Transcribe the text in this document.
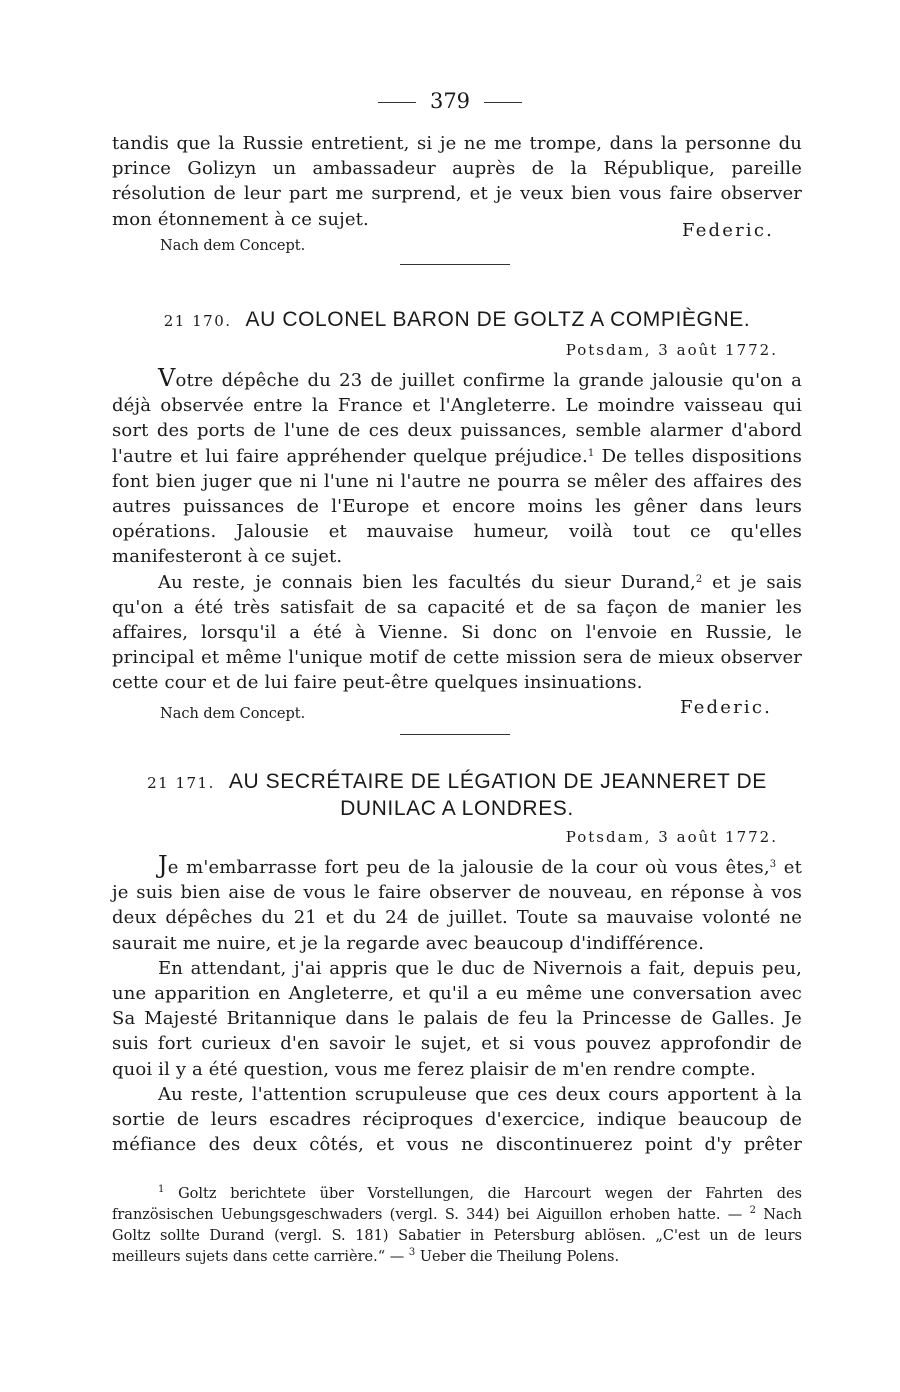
379

tandis que la Russie entretient, si je ne me trompe, dans la personne du prince Golizyn un ambassadeur auprès de la République, pareille résolution de leur part me surprend, et je veux bien vous faire observer mon étonnement à ce sujet.

Federic.
Nach dem Concept.
21 170. AU COLONEL BARON DE GOLTZ A COMPIÈGNE.
Potsdam, 3 août 1772.

Votre dépêche du 23 de juillet confirme la grande jalousie qu'on a déjà observée entre la France et l'Angleterre. Le moindre vaisseau qui sort des ports de l'une de ces deux puissances, semble alarmer d'abord l'autre et lui faire appréhender quelque préjudice.$^1$ De telles dispositions font bien juger que ni l'une ni l'autre ne pourra se mêler des affaires des autres puissances de l'Europe et encore moins les gêner dans leurs opérations. Jalousie et mauvaise humeur, voilà tout ce qu'elles manifesteront à ce sujet.

Au reste, je connais bien les facultés du sieur Durand,$^2$ et je sais qu'on a été très satisfait de sa capacité et de sa façon de manier les affaires, lorsqu'il a été à Vienne. Si donc on l'envoie en Russie, le principal et même l'unique motif de cette mission sera de mieux observer cette cour et de lui faire peut-être quelques insinuations.

Nach dem Concept.	Federic.
21 171. AU SECRÉTAIRE DE LÉGATION DE JEANNERET DE
DUNILAC A LONDRES.
Potsdam, 3 août 1772.

Je m'embarrasse fort peu de la jalousie de la cour où vous êtes,$^3$ et je suis bien aise de vous le faire observer de nouveau, en réponse à vos deux dépêches du 21 et du 24 de juillet. Toute sa mauvaise volonté ne saurait me nuire, et je la regarde avec beaucoup d'indifférence.

En attendant, j'ai appris que le duc de Nivernois a fait, depuis peu, une apparition en Angleterre, et qu'il a eu même une conversation avec Sa Majesté Britannique dans le palais de feu la Princesse de Galles. Je suis fort curieux d'en savoir le sujet, et si vous pouvez approfondir de quoi il y a été question, vous me ferez plaisir de m'en rendre compte.

Au reste, l'attention scrupuleuse que ces deux cours apportent à la sortie de leurs escadres réciproques d'exercice, indique beaucoup de méfiance des deux côtés, et vous ne discontinuerez point d'y prêter

$^1$ Goltz berichtete über Vorstellungen, die Harcourt wegen der Fahrten des französischen Uebungsgeschwaders (vergl. S. 344) bei Aiguillon erhoben hatte. — $^2$ Nach Goltz sollte Durand (vergl. S. 181) Sabatier in Petersburg ablösen. „C'est un de leurs meilleurs sujets dans cette carrière.“ — $^3$ Ueber die Theilung Polens.
